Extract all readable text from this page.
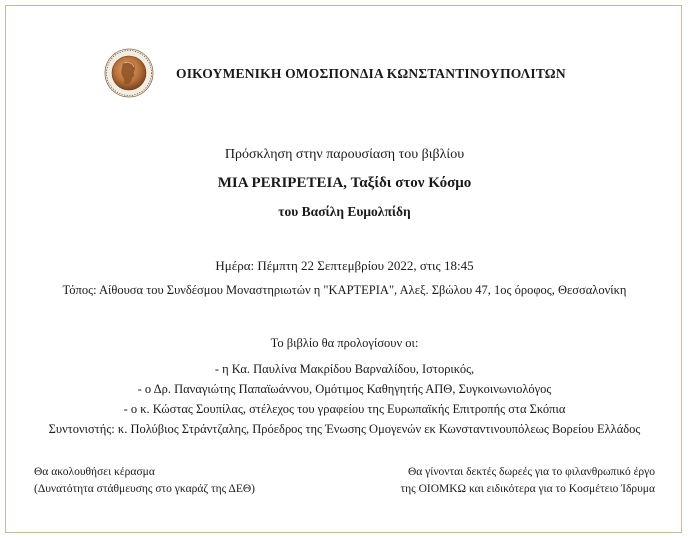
ΟΙΚΟΥΜΕΝΙΚΗ ΟΜΟΣΠΟΝΔΙΑ ΚΩΝΣΤΑΝΤΙΝΟΥΠΟΛΙΤΩΝ
Πρόσκληση στην παρουσίαση του βιβλίου
ΜΙΑ PERIPETEIA, Ταξίδι στον Κόσμο
του Βασίλη Ευμολπίδη
Ημέρα: Πέμπτη 22 Σεπτεμβρίου 2022, στις 18:45
Τόπος: Αίθουσα του Συνδέσμου Μοναστηριωτών η "ΚΑΡΤΕΡΙΑ", Αλεξ. Σβώλου 47, 1ος όροφος, Θεσσαλονίκη
Το βιβλίο θα προλογίσουν οι:
- η Κα. Παυλίνα Μακρίδου Βαρναλίδου, Ιστορικός,
- ο Δρ. Παναγιώτης Παπαϊωάννου, Ομότιμος Καθηγητής ΑΠΘ, Συγκοινωνιολόγος
- ο κ. Κώστας Σουπίλας, στέλεχος του γραφείου της Ευρωπαϊκής Επιτροπής στα Σκόπια
Συντονιστής: κ. Πολύβιος Στράντζαλης, Πρόεδρος της Ένωσης Ομογενών εκ Κωνσταντινουπόλεως Βορείου Ελλάδος
Θα ακολουθήσει κέρασμα
(Δυνατότητα στάθμευσης στο γκαράζ της ΔΕΘ)
Θα γίνονται δεκτές δωρεές για το φιλανθρωπικό έργο
της ΟΙΟΜΚΩ και ειδικότερα για το Κοσμέτειο Ίδρυμα
